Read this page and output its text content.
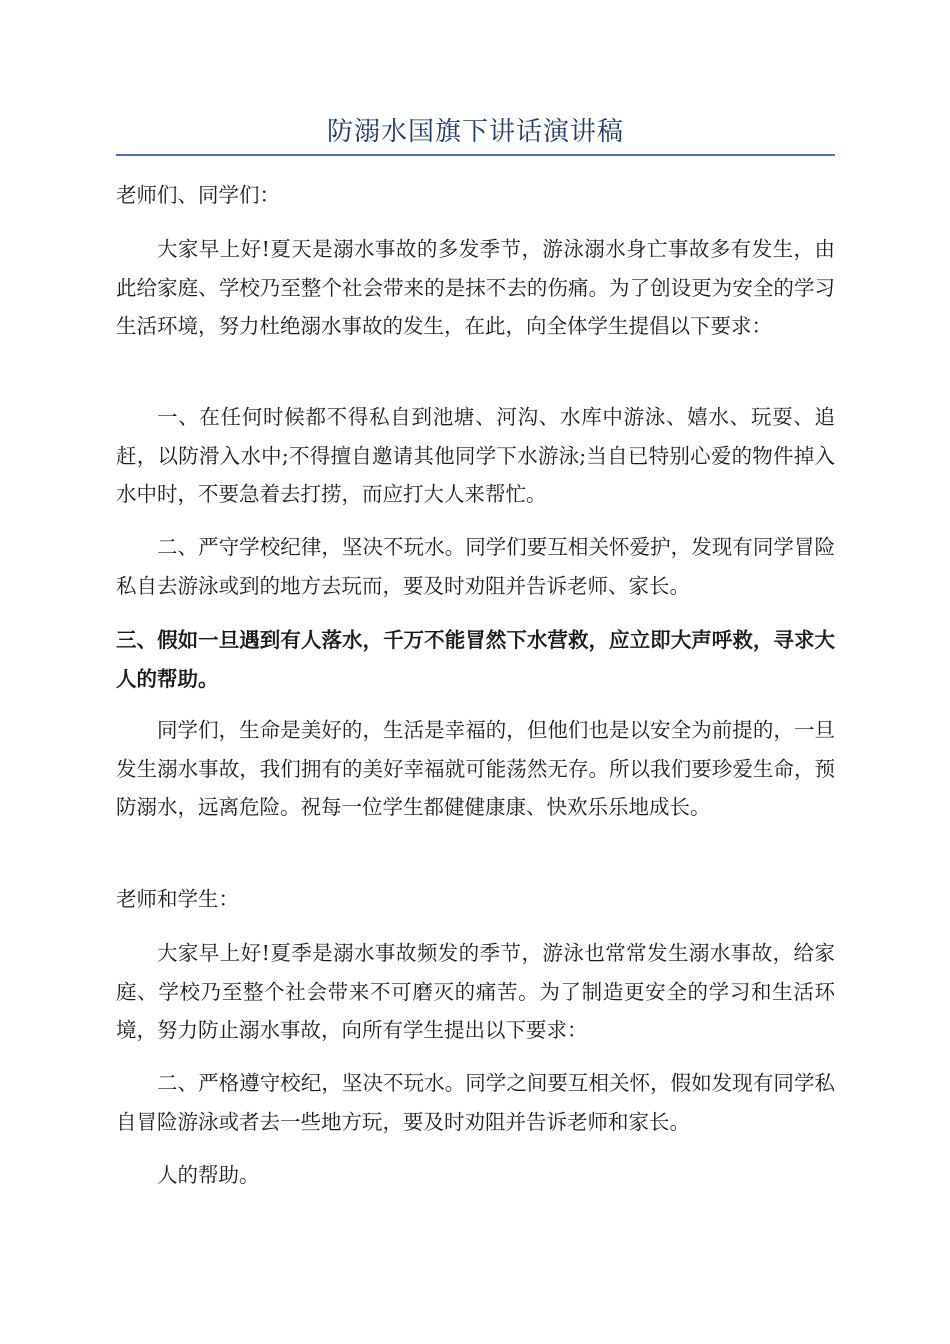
防溺水国旗下讲话演讲稿

老师们、同学们：

大家早上好!夏天是溺水事故的多发季节，游泳溺水身亡事故多有发生，由此给家庭、学校乃至整个社会带来的是抹不去的伤痛。为了创设更为安全的学习生活环境，努力杜绝溺水事故的发生，在此，向全体学生提倡以下要求：

一、在任何时候都不得私自到池塘、河沟、水库中游泳、嬉水、玩耍、追赶，以防滑入水中;不得擅自邀请其他同学下水游泳;当自已特别心爱的物件掉入水中时，不要急着去打捞，而应打大人来帮忙。

二、严守学校纪律，坚决不玩水。同学们要互相关怀爱护，发现有同学冒险私自去游泳或到的地方去玩而，要及时劝阻并告诉老师、家长。

三、假如一旦遇到有人落水，千万不能冒然下水营救，应立即大声呼救，寻求大人的帮助。

同学们，生命是美好的，生活是幸福的，但他们也是以安全为前提的，一旦发生溺水事故，我们拥有的美好幸福就可能荡然无存。所以我们要珍爱生命，预防溺水，远离危险。祝每一位学生都健健康康、快欢乐乐地成长。

老师和学生：

大家早上好!夏季是溺水事故频发的季节，游泳也常常发生溺水事故，给家庭、学校乃至整个社会带来不可磨灭的痛苦。为了制造更安全的学习和生活环境，努力防止溺水事故，向所有学生提出以下要求：

二、严格遵守校纪，坚决不玩水。同学之间要互相关怀，假如发现有同学私自冒险游泳或者去一些地方玩，要及时劝阻并告诉老师和家长。

人的帮助。
